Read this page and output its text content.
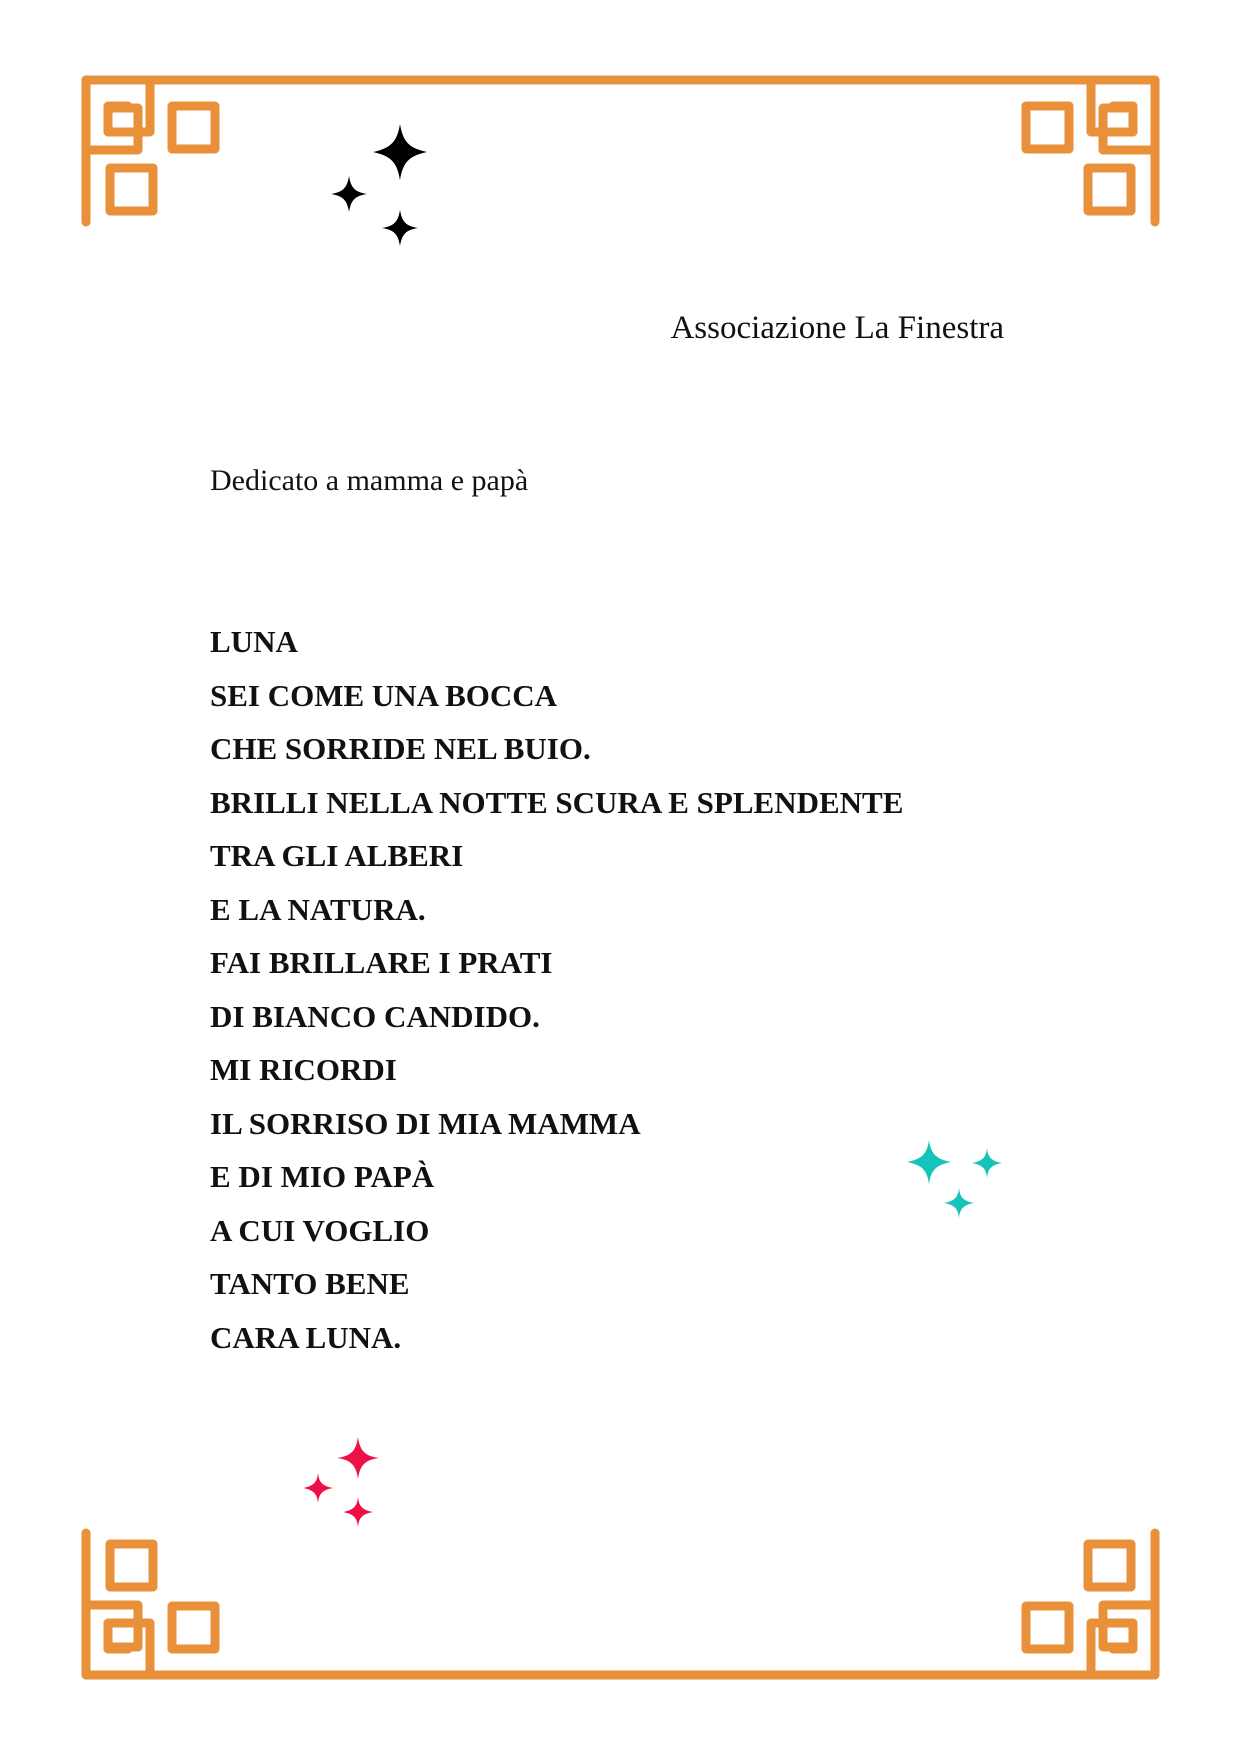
Associazione La Finestra
Dedicato a mamma e papà
LUNA
SEI COME UNA BOCCA
CHE SORRIDE NEL BUIO.
BRILLI NELLA NOTTE SCURA E SPLENDENTE
TRA GLI ALBERI
E LA NATURA.
FAI BRILLARE I PRATI
DI BIANCO CANDIDO.
MI RICORDI
IL SORRISO DI MIA MAMMA
E DI MIO PAPÀ
A CUI VOGLIO
TANTO BENE
CARA LUNA.
